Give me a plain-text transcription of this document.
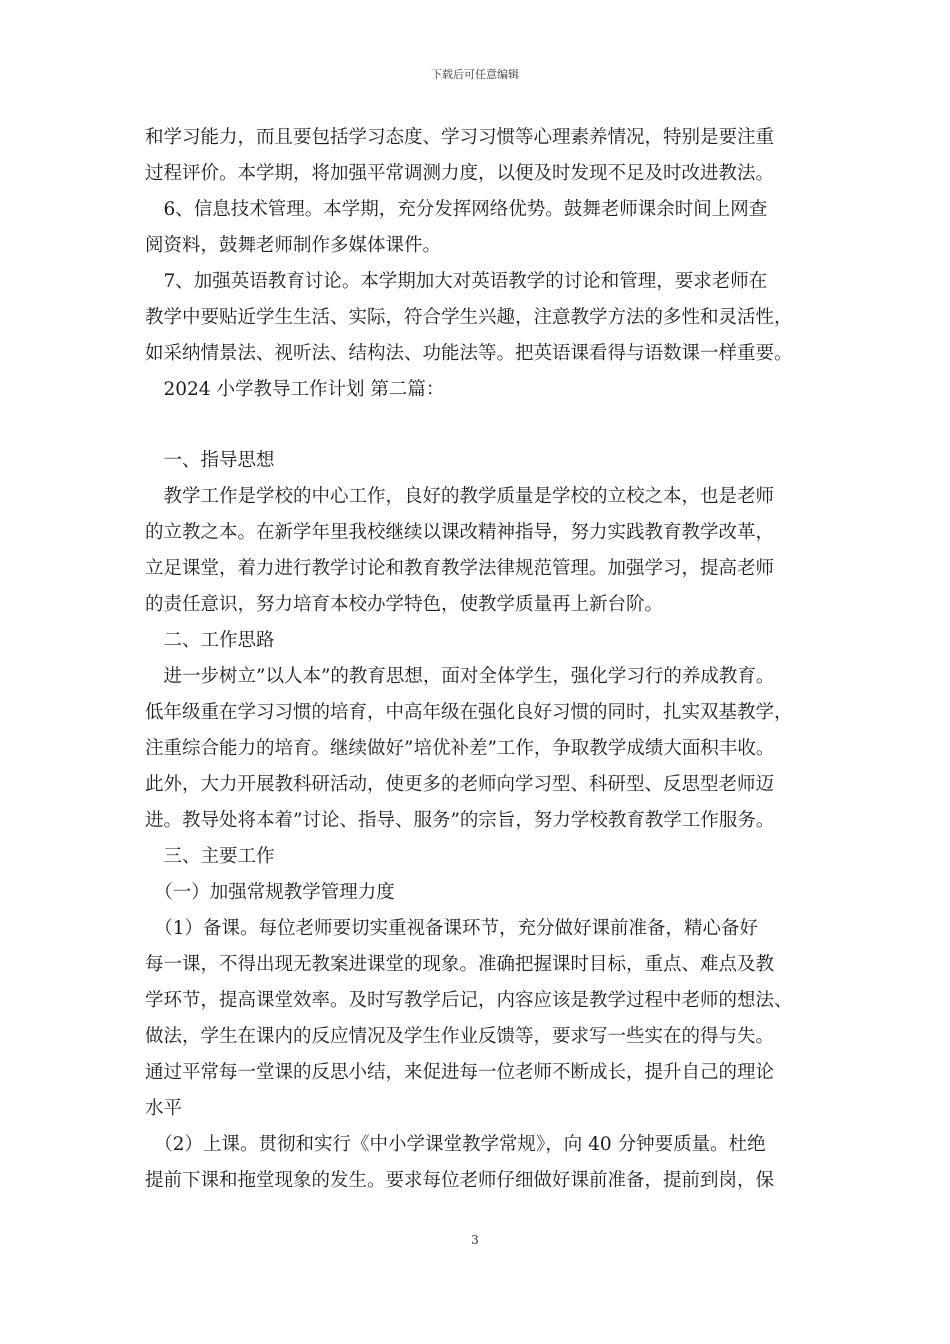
下载后可任意编辑
和学习能力，而且要包括学习态度、学习习惯等心理素养情况，特别是要注重
过程评价。本学期，将加强平常调测力度，以便及时发现不足及时改进教法。
　6、信息技术管理。本学期，充分发挥网络优势。鼓舞老师课余时间上网查
阅资料，鼓舞老师制作多媒体课件。
　7、加强英语教育讨论。本学期加大对英语教学的讨论和管理，要求老师在
教学中要贴近学生生活、实际，符合学生兴趣，注意教学方法的多性和灵活性，
如采纳情景法、视听法、结构法、功能法等。把英语课看得与语数课一样重要。
　2024 小学教导工作计划 第二篇：
　一、指导思想
　教学工作是学校的中心工作，良好的教学质量是学校的立校之本，也是老师
的立教之本。在新学年里我校继续以课改精神指导，努力实践教育教学改革，
立足课堂，着力进行教学讨论和教育教学法律规范管理。加强学习，提高老师
的责任意识，努力培育本校办学特色，使教学质量再上新台阶。
　二、工作思路
　进一步树立”以人本”的教育思想，面对全体学生，强化学习行的养成教育。
低年级重在学习习惯的培育，中高年级在强化良好习惯的同时，扎实双基教学，
注重综合能力的培育。继续做好”培优补差”工作，争取教学成绩大面积丰收。
此外，大力开展教科研活动，使更多的老师向学习型、科研型、反思型老师迈
进。教导处将本着”讨论、指导、服务”的宗旨，努力学校教育教学工作服务。
　三、主要工作
　（一）加强常规教学管理力度
　（1）备课。每位老师要切实重视备课环节，充分做好课前准备，精心备好
每一课，不得出现无教案进课堂的现象。准确把握课时目标，重点、难点及教
学环节，提高课堂效率。及时写教学后记，内容应该是教学过程中老师的想法、
做法，学生在课内的反应情况及学生作业反馈等，要求写一些实在的得与失。
通过平常每一堂课的反思小结，来促进每一位老师不断成长，提升自己的理论
水平
　（2）上课。贯彻和实行《中小学课堂教学常规》，向 40 分钟要质量。杜绝
提前下课和拖堂现象的发生。要求每位老师仔细做好课前准备，提前到岗，保
3
